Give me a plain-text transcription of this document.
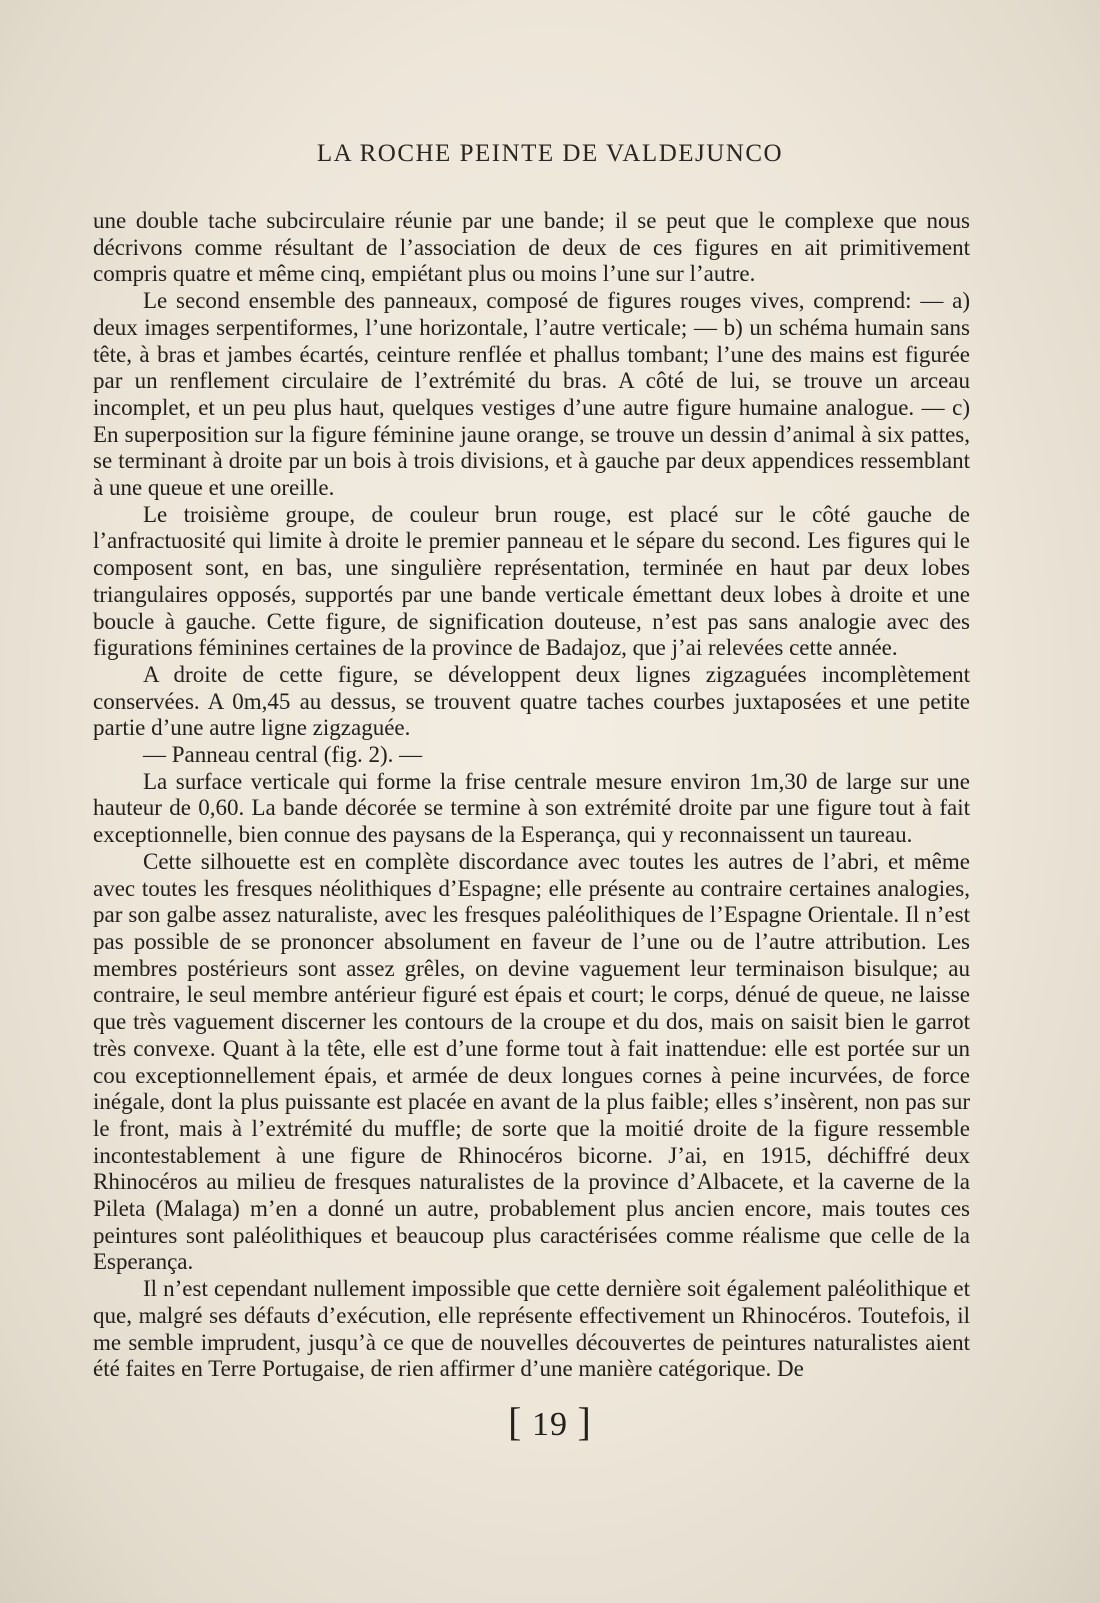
LA ROCHE PEINTE DE VALDEJUNCO

une double tache subcirculaire réunie par une bande; il se peut que le complexe que nous décrivons comme résultant de l’association de deux de ces figures en ait primitivement compris quatre et même cinq, empiétant plus ou moins l’une sur l’autre.

Le second ensemble des panneaux, composé de figures rouges vives, comprend: — a) deux images serpentiformes, l’une horizontale, l’autre verticale; — b) un schéma humain sans tête, à bras et jambes écartés, ceinture renflée et phallus tombant; l’une des mains est figurée par un renflement circulaire de l’extrémité du bras. A côté de lui, se trouve un arceau incomplet, et un peu plus haut, quelques vestiges d’une autre figure humaine analogue. — c) En superposition sur la figure féminine jaune orange, se trouve un dessin d’animal à six pattes, se terminant à droite par un bois à trois divisions, et à gauche par deux appendices ressemblant à une queue et une oreille.

Le troisième groupe, de couleur brun rouge, est placé sur le côté gauche de l’anfractuosité qui limite à droite le premier panneau et le sépare du second. Les figures qui le composent sont, en bas, une singulière représentation, terminée en haut par deux lobes triangulaires opposés, supportés par une bande verticale émettant deux lobes à droite et une boucle à gauche. Cette figure, de signification douteuse, n’est pas sans analogie avec des figurations féminines certaines de la province de Badajoz, que j’ai relevées cette année.

A droite de cette figure, se développent deux lignes zigzaguées incomplètement conservées. A 0m,45 au dessus, se trouvent quatre taches courbes juxtaposées et une petite partie d’une autre ligne zigzaguée.

— Panneau central (fig. 2). —

La surface verticale qui forme la frise centrale mesure environ 1m,30 de large sur une hauteur de 0,60. La bande décorée se termine à son extrémité droite par une figure tout à fait exceptionnelle, bien connue des paysans de la Esperança, qui y reconnaissent un taureau.

Cette silhouette est en complète discordance avec toutes les autres de l’abri, et même avec toutes les fresques néolithiques d’Espagne; elle présente au contraire certaines analogies, par son galbe assez naturaliste, avec les fresques paléolithiques de l’Espagne Orientale. Il n’est pas possible de se prononcer absolument en faveur de l’une ou de l’autre attribution. Les membres postérieurs sont assez grêles, on devine vaguement leur terminaison bisulque; au contraire, le seul membre antérieur figuré est épais et court; le corps, dénué de queue, ne laisse que très vaguement discerner les contours de la croupe et du dos, mais on saisit bien le garrot très convexe. Quant à la tête, elle est d’une forme tout à fait inattendue: elle est portée sur un cou exceptionnellement épais, et armée de deux longues cornes à peine incurvées, de force inégale, dont la plus puissante est placée en avant de la plus faible; elles s’insèrent, non pas sur le front, mais à l’extrémité du muffle; de sorte que la moitié droite de la figure ressemble incontestablement à une figure de Rhinocéros bicorne. J’ai, en 1915, déchiffré deux Rhinocéros au milieu de fresques naturalistes de la province d’Albacete, et la caverne de la Pileta (Malaga) m’en a donné un autre, probablement plus ancien encore, mais toutes ces peintures sont paléolithiques et beaucoup plus caractérisées comme réalisme que celle de la Esperança.

Il n’est cependant nullement impossible que cette dernière soit également paléolithique et que, malgré ses défauts d’exécution, elle représente effectivement un Rhinocéros. Toutefois, il me semble imprudent, jusqu’à ce que de nouvelles découvertes de peintures naturalistes aient été faites en Terre Portugaise, de rien affirmer d’une manière catégorique. De

[ 19 ]
